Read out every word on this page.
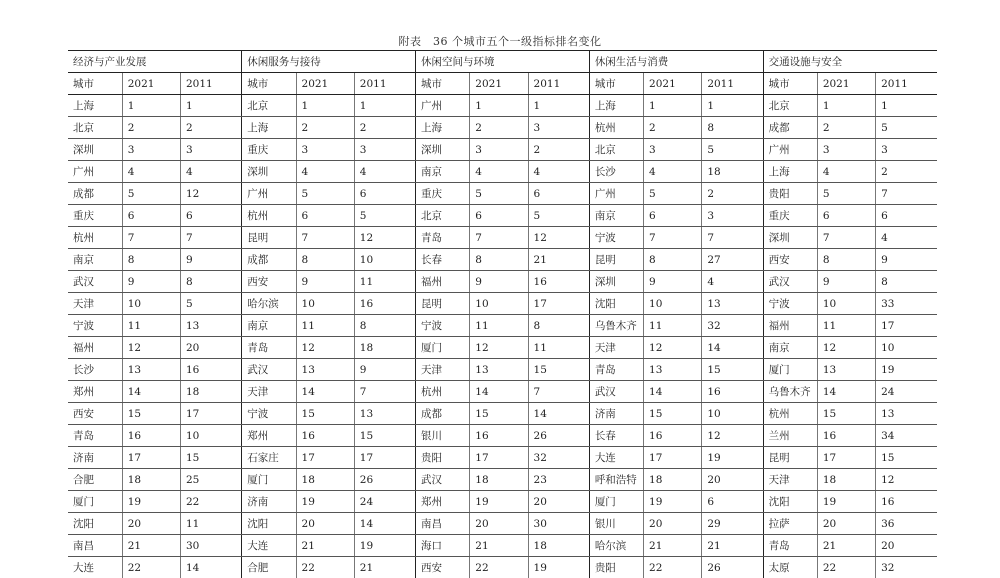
附表　36 个城市五个一级指标排名变化
经济与产业发展			休闲服务与接待			休闲空间与环境			休闲生活与消费			交通设施与安全		
城市	2021	2011	城市	2021	2011	城市	2021	2011	城市	2021	2011	城市	2021	2011
上海	1	1	北京	1	1	广州	1	1	上海	1	1	北京	1	1
北京	2	2	上海	2	2	上海	2	3	杭州	2	8	成都	2	5
深圳	3	3	重庆	3	3	深圳	3	2	北京	3	5	广州	3	3
广州	4	4	深圳	4	4	南京	4	4	长沙	4	18	上海	4	2
成都	5	12	广州	5	6	重庆	5	6	广州	5	2	贵阳	5	7
重庆	6	6	杭州	6	5	北京	6	5	南京	6	3	重庆	6	6
杭州	7	7	昆明	7	12	青岛	7	12	宁波	7	7	深圳	7	4
南京	8	9	成都	8	10	长春	8	21	昆明	8	27	西安	8	9
武汉	9	8	西安	9	11	福州	9	16	深圳	9	4	武汉	9	8
天津	10	5	哈尔滨	10	16	昆明	10	17	沈阳	10	13	宁波	10	33
宁波	11	13	南京	11	8	宁波	11	8	乌鲁木齐	11	32	福州	11	17
福州	12	20	青岛	12	18	厦门	12	11	天津	12	14	南京	12	10
长沙	13	16	武汉	13	9	天津	13	15	青岛	13	15	厦门	13	19
郑州	14	18	天津	14	7	杭州	14	7	武汉	14	16	乌鲁木齐	14	24
西安	15	17	宁波	15	13	成都	15	14	济南	15	10	杭州	15	13
青岛	16	10	郑州	16	15	银川	16	26	长春	16	12	兰州	16	34
济南	17	15	石家庄	17	17	贵阳	17	32	大连	17	19	昆明	17	15
合肥	18	25	厦门	18	26	武汉	18	23	呼和浩特	18	20	天津	18	12
厦门	19	22	济南	19	24	郑州	19	20	厦门	19	6	沈阳	19	16
沈阳	20	11	沈阳	20	14	南昌	20	30	银川	20	29	拉萨	20	36
南昌	21	30	大连	21	19	海口	21	18	哈尔滨	21	21	青岛	21	20
大连	22	14	合肥	22	21	西安	22	19	贵阳	22	26	太原	22	32
